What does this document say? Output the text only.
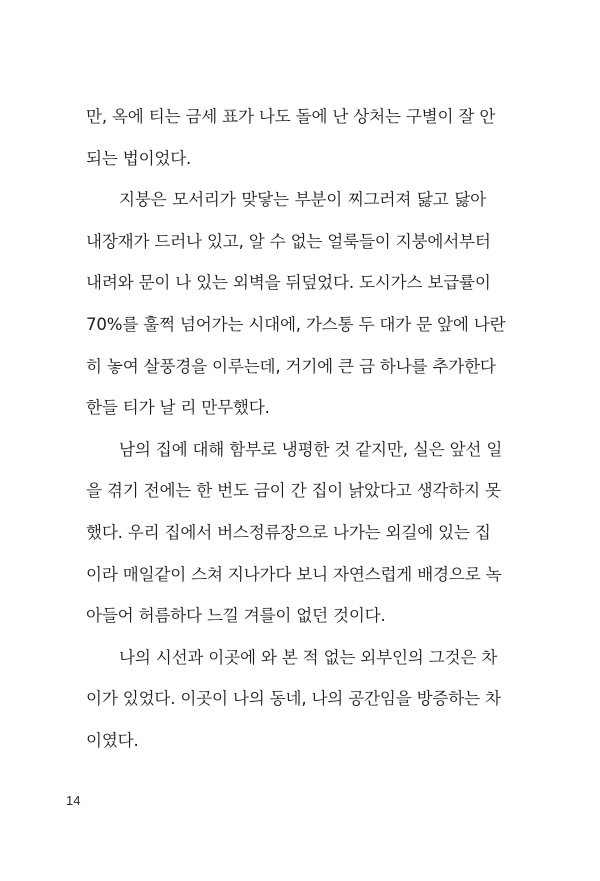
만, 옥에 티는 금세 표가 나도 돌에 난 상처는 구별이 잘 안
되는 법이었다.
지붕은 모서리가 맞닿는 부분이 찌그러져 닳고 닳아
내장재가 드러나 있고, 알 수 없는 얼룩들이 지붕에서부터
내려와 문이 나 있는 외벽을 뒤덮었다. 도시가스 보급률이
70%를 훌쩍 넘어가는 시대에, 가스통 두 대가 문 앞에 나란
히 놓여 살풍경을 이루는데, 거기에 큰 금 하나를 추가한다
한들 티가 날 리 만무했다.
남의 집에 대해 함부로 냉평한 것 같지만, 실은 앞선 일
을 겪기 전에는 한 번도 금이 간 집이 낡았다고 생각하지 못
했다. 우리 집에서 버스정류장으로 나가는 외길에 있는 집
이라 매일같이 스쳐 지나가다 보니 자연스럽게 배경으로 녹
아들어 허름하다 느낄 겨를이 없던 것이다.
나의 시선과 이곳에 와 본 적 없는 외부인의 그것은 차
이가 있었다. 이곳이 나의 동네, 나의 공간임을 방증하는 차
이였다.
14
